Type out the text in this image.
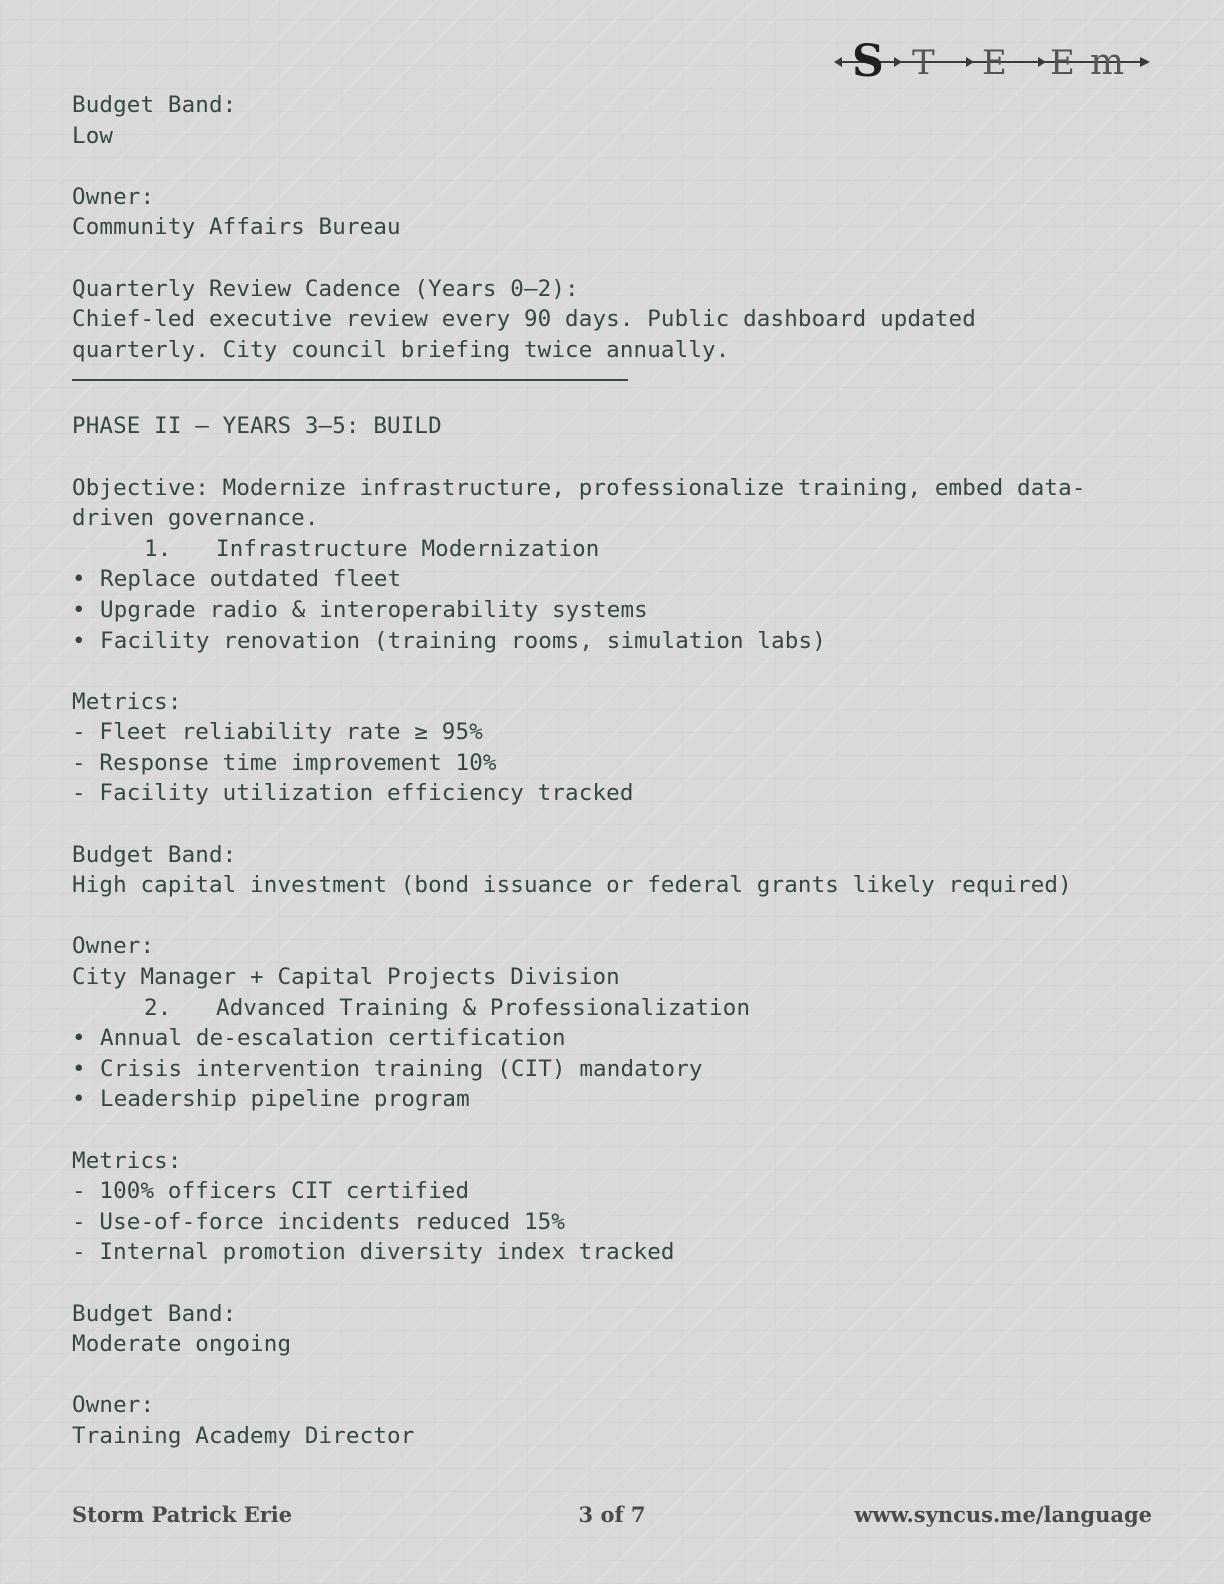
S T E E m
Budget Band:
Low
Owner:
Community Affairs Bureau
Quarterly Review Cadence (Years 0–2):
Chief-led executive review every 90 days. Public dashboard updated
quarterly. City council briefing twice annually.
PHASE II — YEARS 3–5: BUILD
Objective: Modernize infrastructure, professionalize training, embed data-
driven governance.
1. Infrastructure Modernization
• Replace outdated fleet
• Upgrade radio & interoperability systems
• Facility renovation (training rooms, simulation labs)
Metrics:
- Fleet reliability rate ≥ 95%
- Response time improvement 10%
- Facility utilization efficiency tracked
Budget Band:
High capital investment (bond issuance or federal grants likely required)
Owner:
City Manager + Capital Projects Division
2. Advanced Training & Professionalization
• Annual de-escalation certification
• Crisis intervention training (CIT) mandatory
• Leadership pipeline program
Metrics:
- 100% officers CIT certified
- Use-of-force incidents reduced 15%
- Internal promotion diversity index tracked
Budget Band:
Moderate ongoing
Owner:
Training Academy Director
Storm Patrick Erie	3 of 7	www.syncus.me/language
